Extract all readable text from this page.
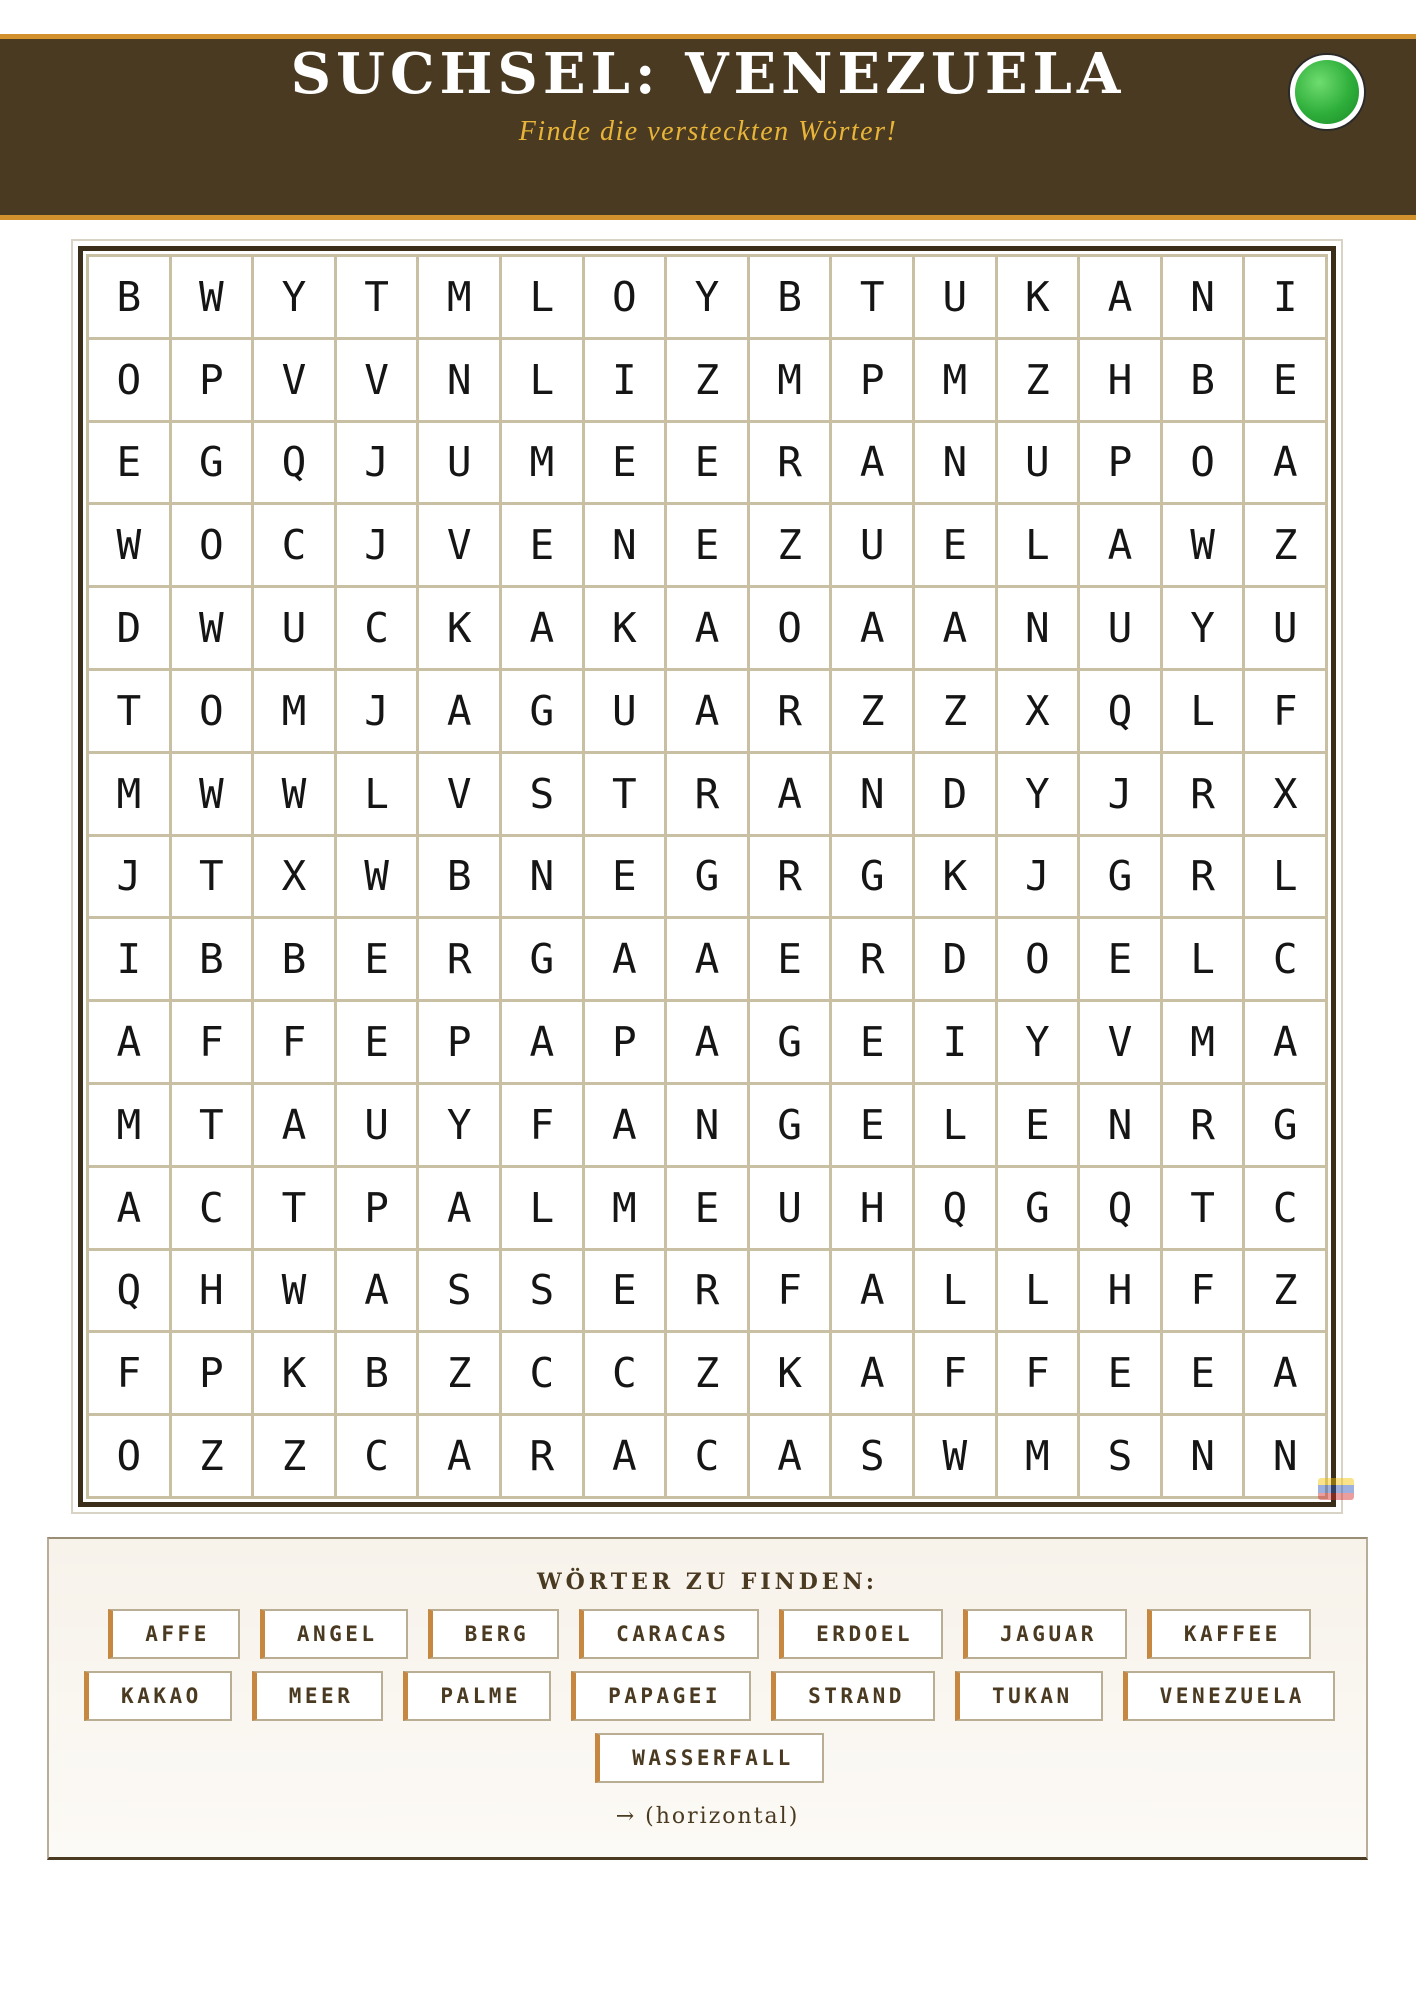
SUCHSEL: VENEZUELA
Finde die versteckten Wörter!
B	W	Y	T	M	L	O	Y	B	T	U	K	A	N	I
O	P	V	V	N	L	I	Z	M	P	M	Z	H	B	E
E	G	Q	J	U	M	E	E	R	A	N	U	P	O	A
W	O	C	J	V	E	N	E	Z	U	E	L	A	W	Z
D	W	U	C	K	A	K	A	O	A	A	N	U	Y	U
T	O	M	J	A	G	U	A	R	Z	Z	X	Q	L	F
M	W	W	L	V	S	T	R	A	N	D	Y	J	R	X
J	T	X	W	B	N	E	G	R	G	K	J	G	R	L
I	B	B	E	R	G	A	A	E	R	D	O	E	L	C
A	F	F	E	P	A	P	A	G	E	I	Y	V	M	A
M	T	A	U	Y	F	A	N	G	E	L	E	N	R	G
A	C	T	P	A	L	M	E	U	H	Q	G	Q	T	C
Q	H	W	A	S	S	E	R	F	A	L	L	H	F	Z
F	P	K	B	Z	C	C	Z	K	A	F	F	E	E	A
O	Z	Z	C	A	R	A	C	A	S	W	M	S	N	N
WÖRTER ZU FINDEN:
AFFE	ANGEL	BERG	CARACAS	ERDOEL	JAGUAR	KAFFEE
KAKAO	MEER	PALME	PAPAGEI	STRAND	TUKAN	VENEZUELA
WASSERFALL
→ (horizontal)
